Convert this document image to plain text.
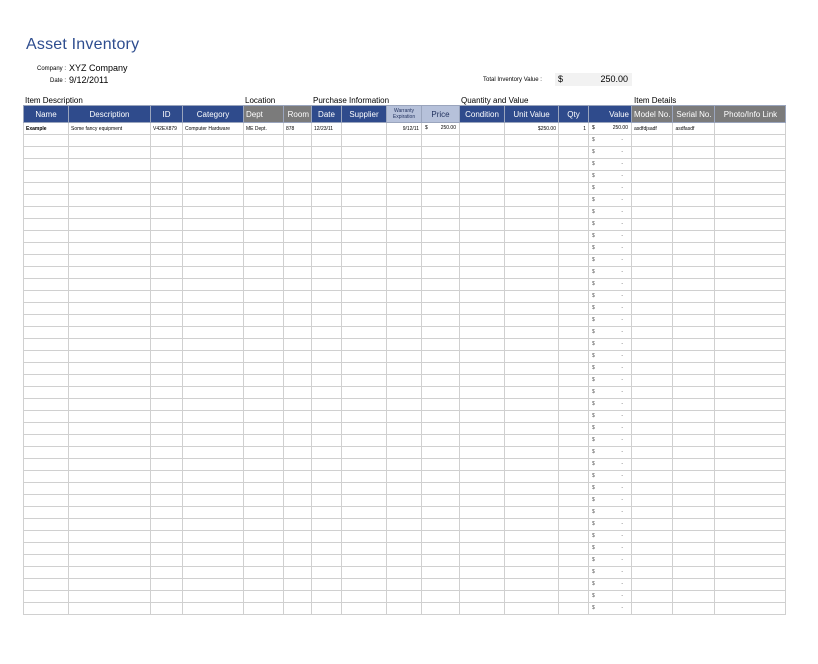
Asset Inventory
Company : XYZ Company
Date : 9/12/2011	Total Inventory Value : $	250.00
Item Description	Location	Purchase Information	Quantity and Value	Item Details
Name	Description	ID	Category	Dept	Room	Date	Supplier	Warranty Expiration	Price	Condition	Unit Value	Qty	Value	Model No.	Serial No.	Photo/Info Link
Example	Some fancy equipment	V42EX879	Computer Hardware	ME Dept.	878	12/23/11		9/12/11	$ 250.00		$250.00	1	$ 250.00	asdfdjsadf	asdfasdf	

													$ -			

													$ -			

													$ -			

													$ -			

													$ -			

													$ -			

													$ -			

													$ -			

													$ -			

													$ -			

													$ -			

													$ -			

													$ -			

													$ -			

													$ -			

													$ -			

													$ -			

													$ -			

													$ -			

													$ -			

													$ -			

													$ -			

													$ -			

													$ -			

													$ -			

													$ -			

													$ -			

													$ -			

													$ -			

													$ -			

													$ -			

													$ -			

													$ -			

													$ -			

													$ -			

													$ -			

													$ -			

													$ -			

													$ -			

													$ -			
